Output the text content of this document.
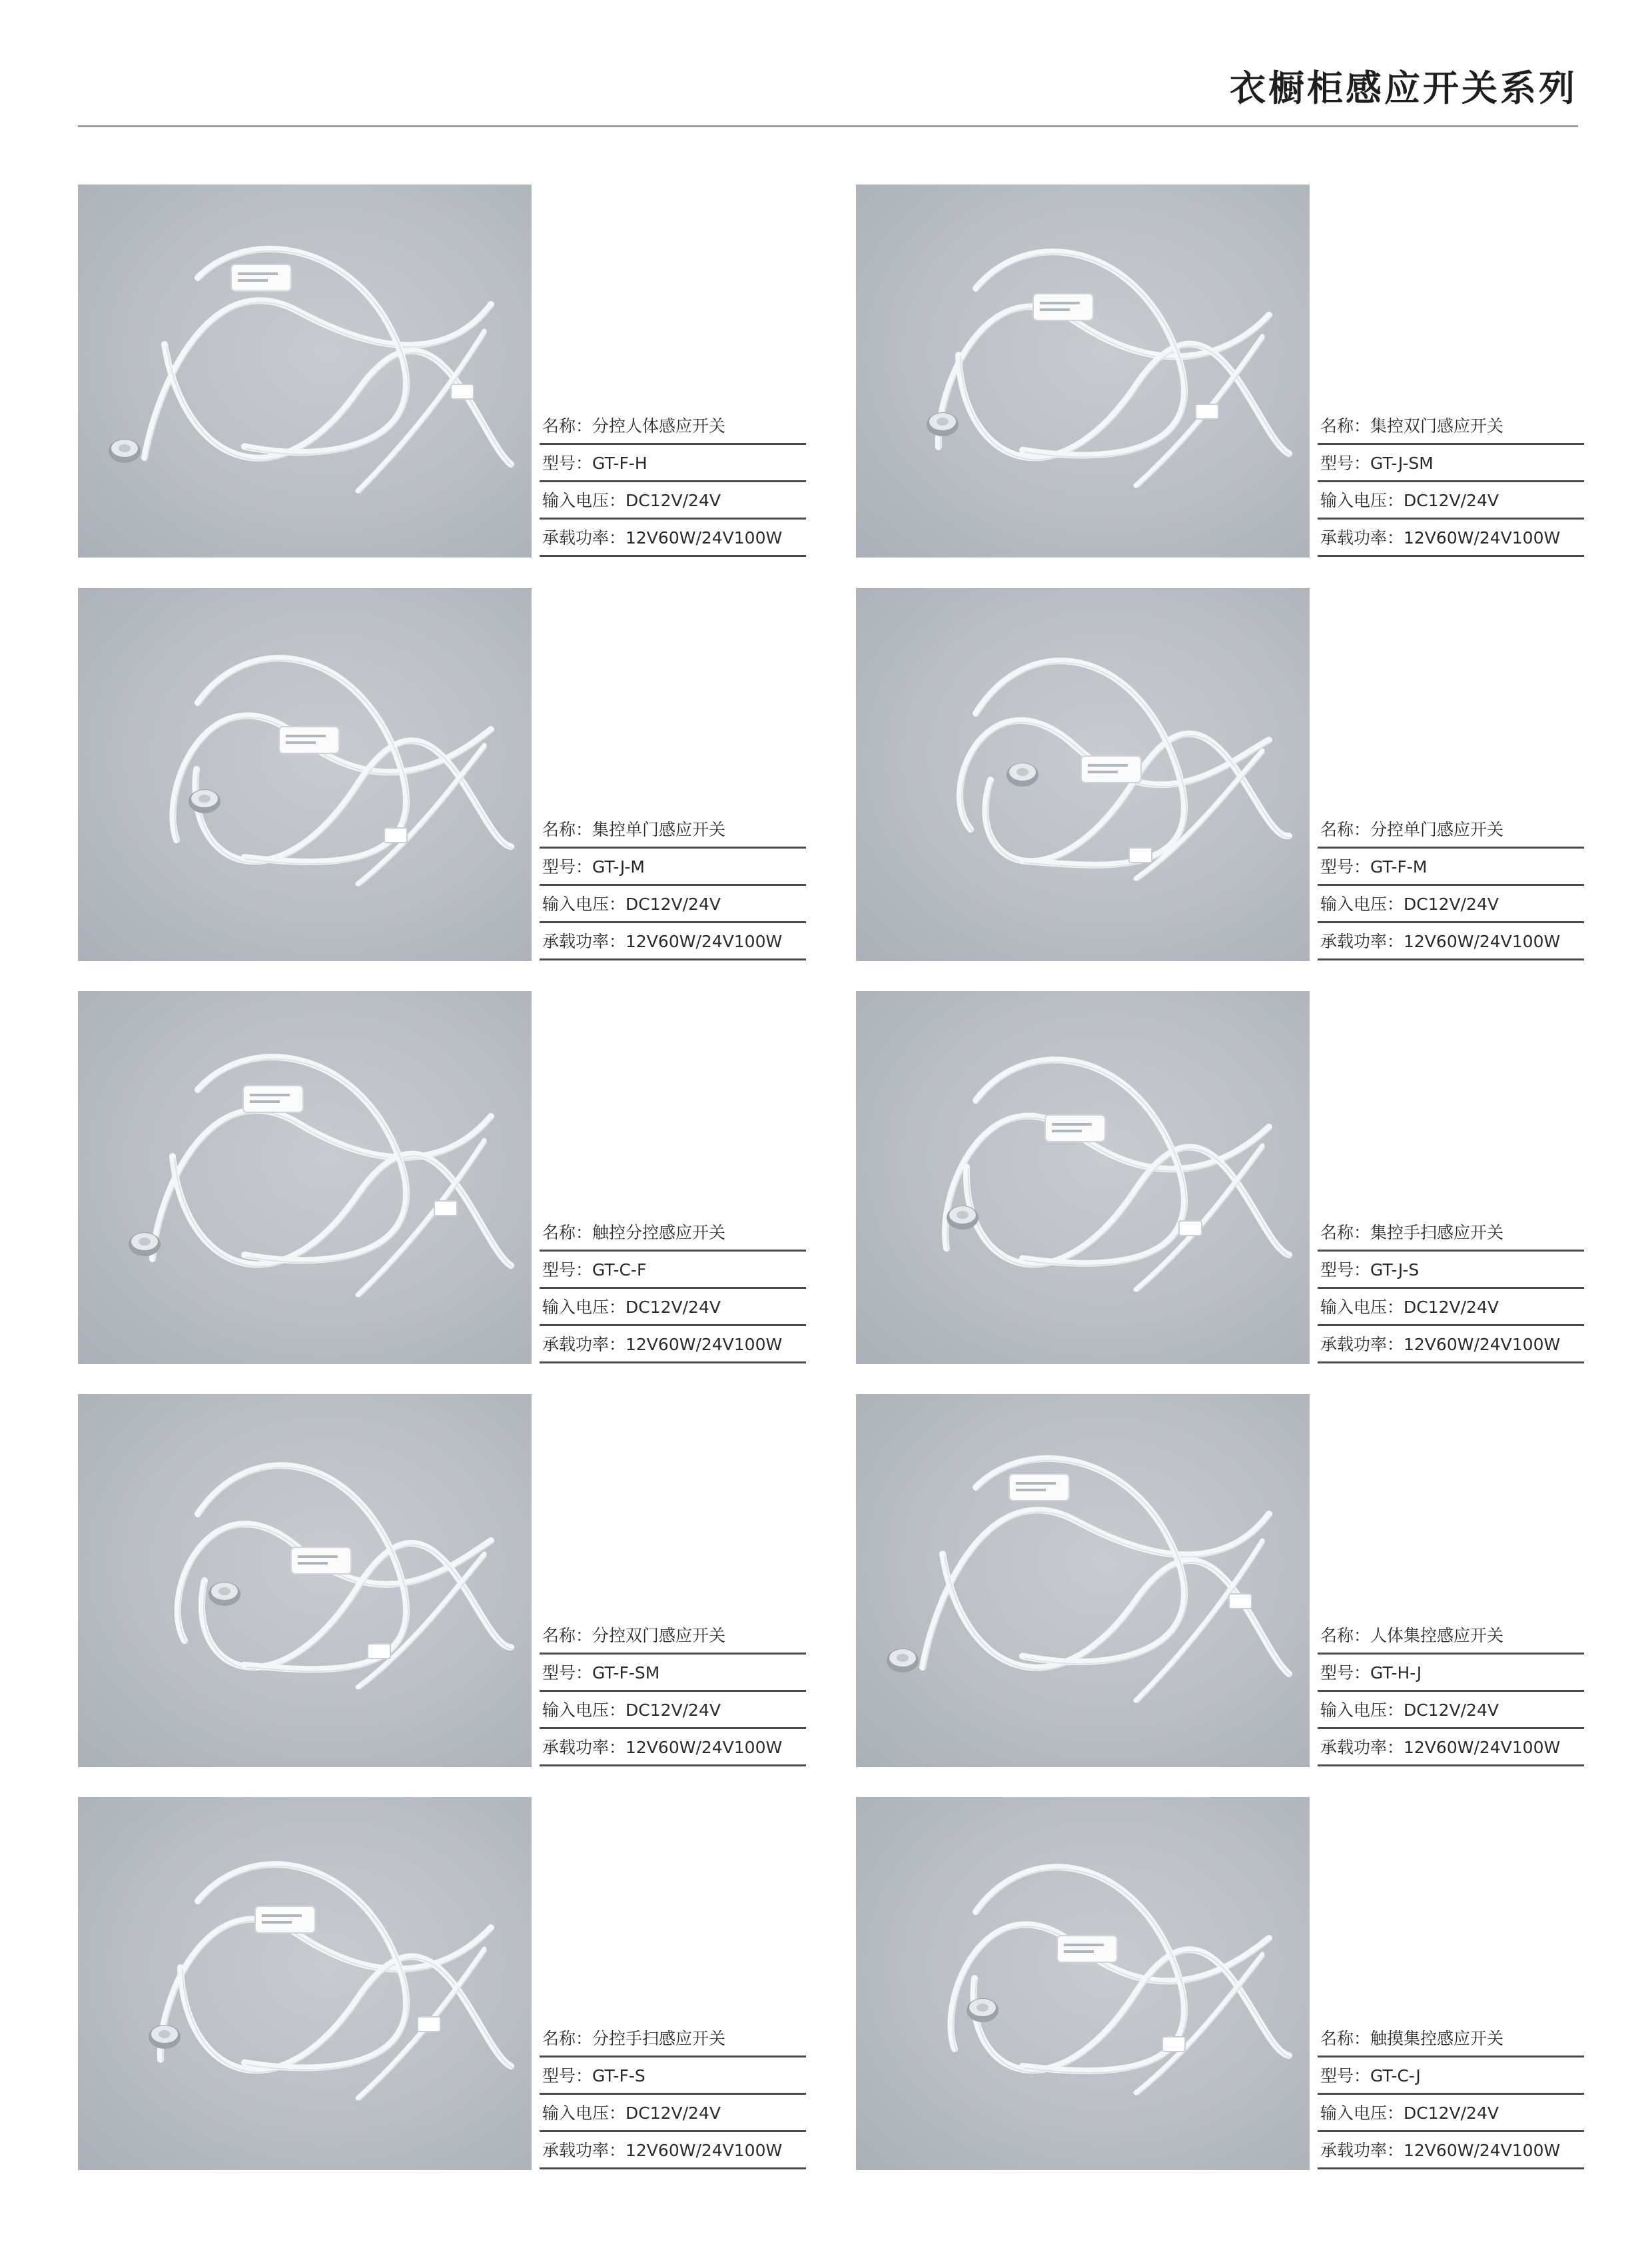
衣橱柜感应开关系列
名称：分控人体感应开关
型号：GT-F-H
输入电压：DC12V/24V
承载功率：12V60W/24V100W
名称：集控双门感应开关
型号：GT-J-SM
输入电压：DC12V/24V
承载功率：12V60W/24V100W
名称：集控单门感应开关
型号：GT-J-M
输入电压：DC12V/24V
承载功率：12V60W/24V100W
名称：分控单门感应开关
型号：GT-F-M
输入电压：DC12V/24V
承载功率：12V60W/24V100W
名称：触控分控感应开关
型号：GT-C-F
输入电压：DC12V/24V
承载功率：12V60W/24V100W
名称：集控手扫感应开关
型号：GT-J-S
输入电压：DC12V/24V
承载功率：12V60W/24V100W
名称：分控双门感应开关
型号：GT-F-SM
输入电压：DC12V/24V
承载功率：12V60W/24V100W
名称：人体集控感应开关
型号：GT-H-J
输入电压：DC12V/24V
承载功率：12V60W/24V100W
名称：分控手扫感应开关
型号：GT-F-S
输入电压：DC12V/24V
承载功率：12V60W/24V100W
名称：触摸集控感应开关
型号：GT-C-J
输入电压：DC12V/24V
承载功率：12V60W/24V100W
